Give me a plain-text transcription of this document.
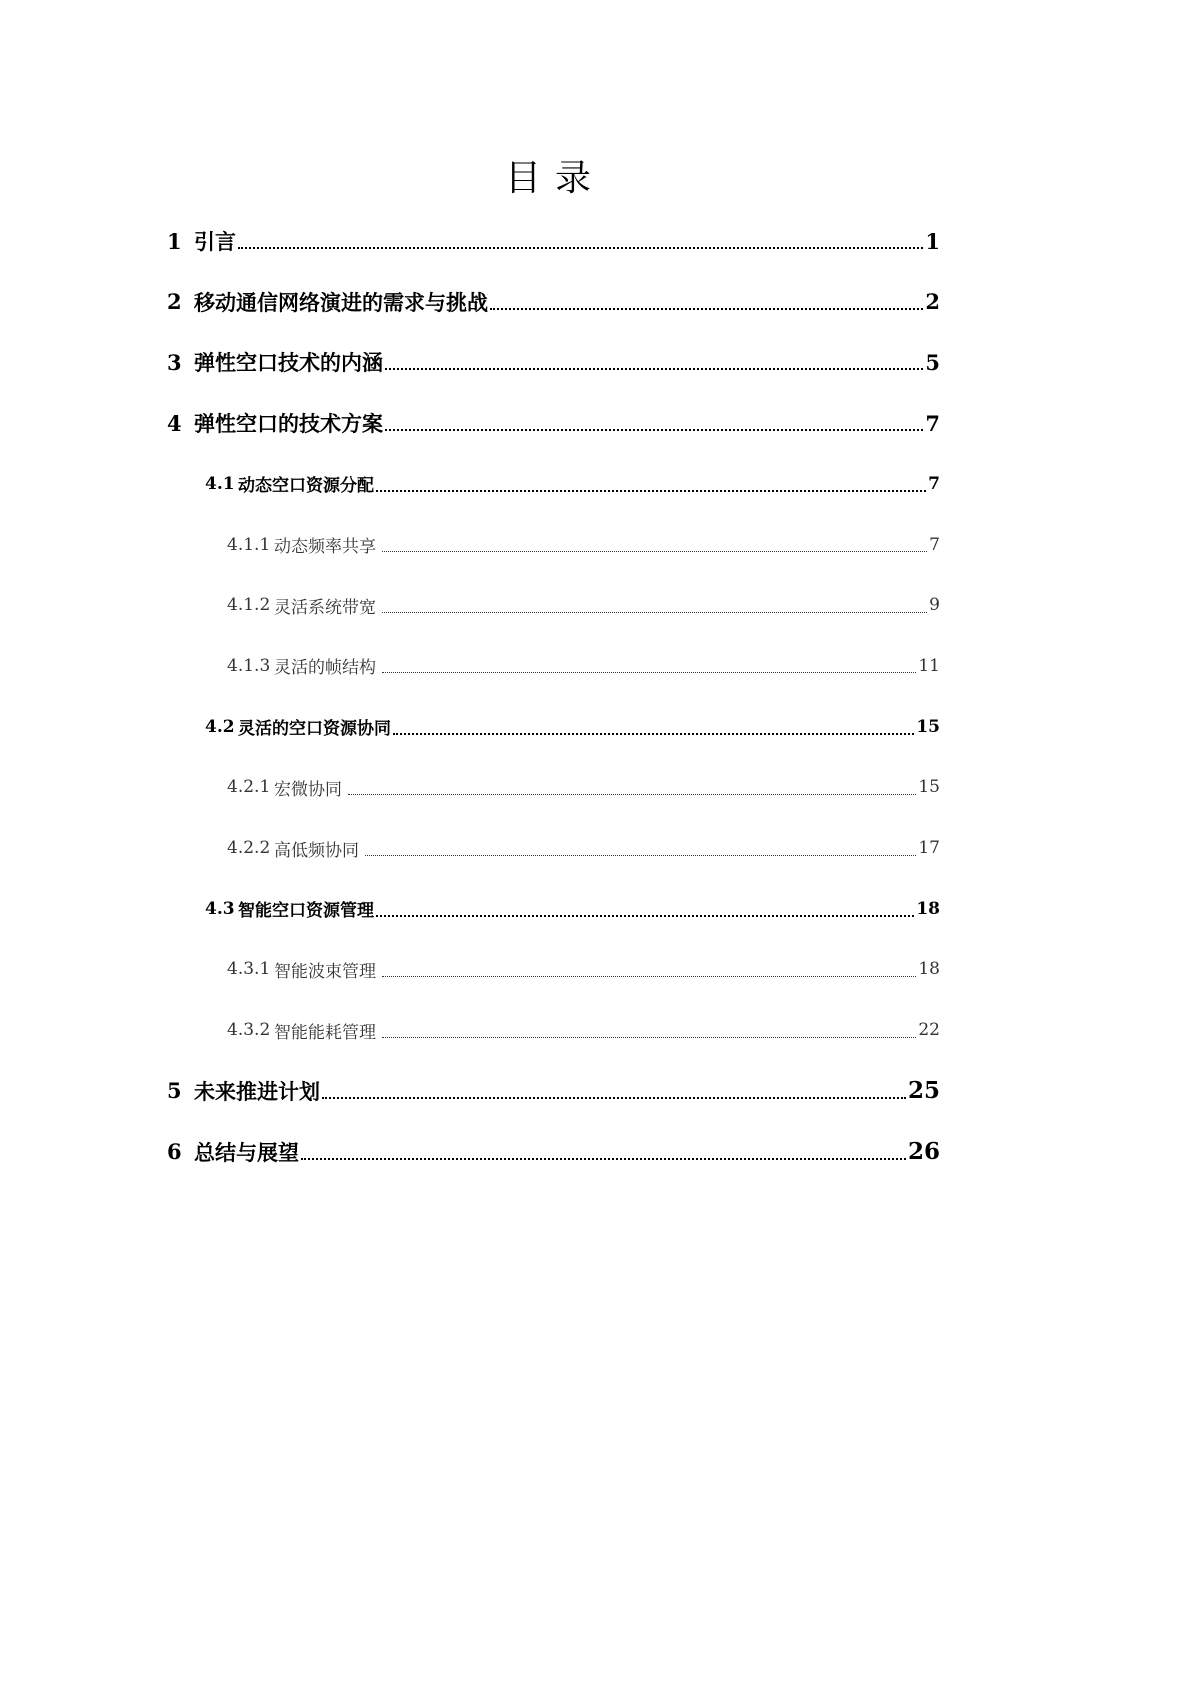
目录
1 引言	1
2 移动通信网络演进的需求与挑战	2
3 弹性空口技术的内涵	5
4 弹性空口的技术方案	7
4.1 动态空口资源分配	7
4.1.1 动态频率共享	7
4.1.2 灵活系统带宽	9
4.1.3 灵活的帧结构	11
4.2 灵活的空口资源协同	15
4.2.1 宏微协同	15
4.2.2 高低频协同	17
4.3 智能空口资源管理	18
4.3.1 智能波束管理	18
4.3.2 智能能耗管理	22
5 未来推进计划	25
6 总结与展望	26
